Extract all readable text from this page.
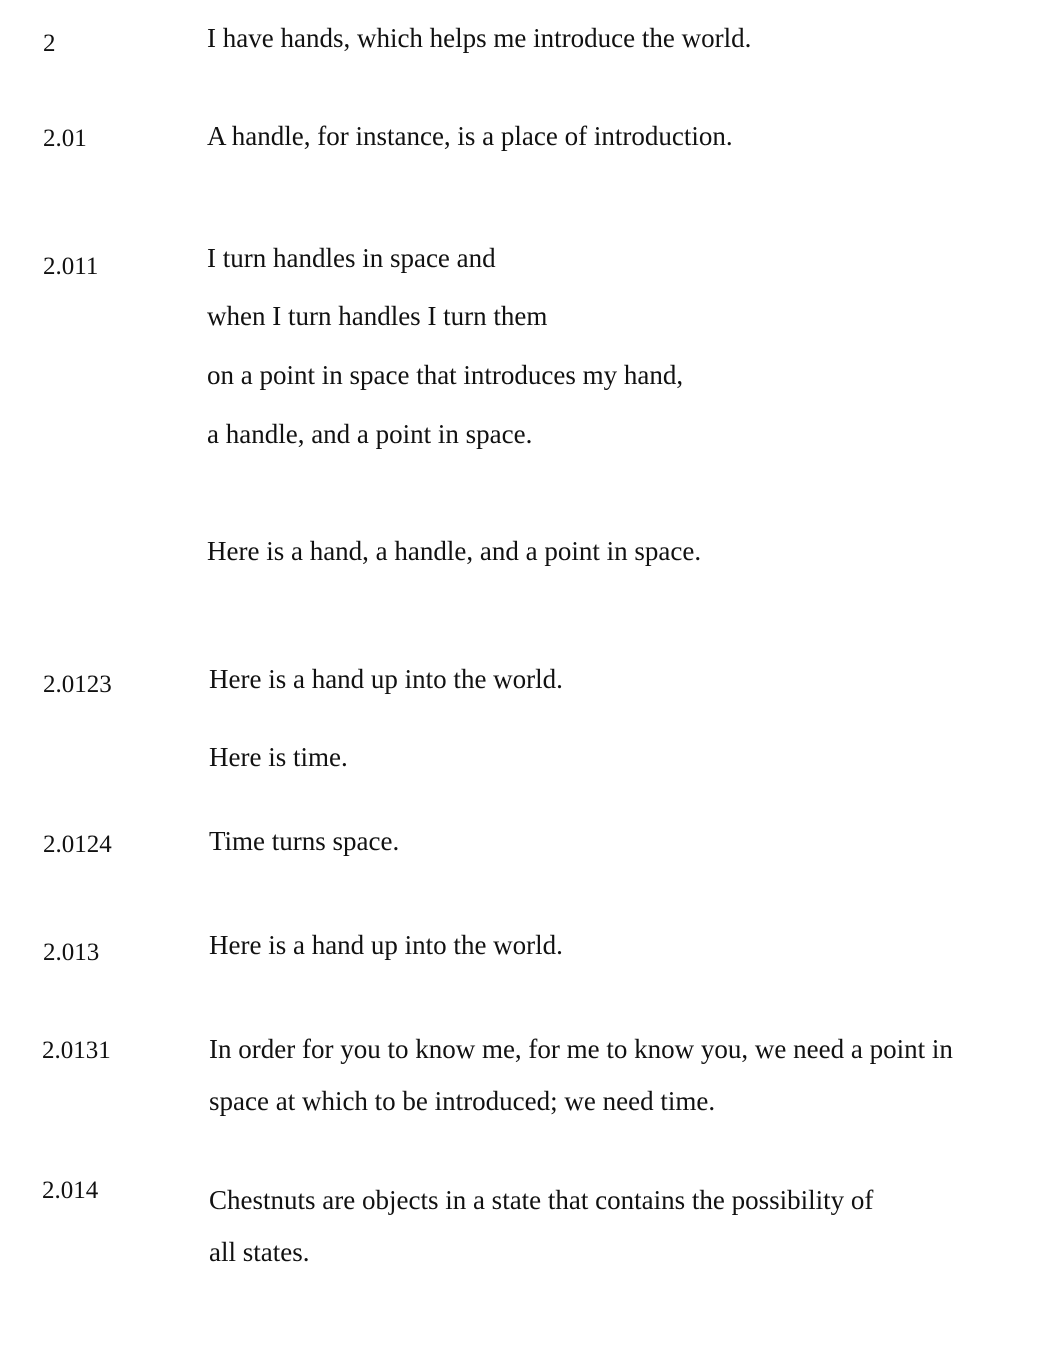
2	I have hands, which helps me introduce the world.
2.01	A handle, for instance, is a place of introduction.
2.011	I turn handles in space and
when I turn handles I turn them
on a point in space that introduces my hand,
a handle, and a point in space.
Here is a hand, a handle, and a point in space.
2.0123	Here is a hand up into the world.
Here is time.
2.0124	Time turns space.
2.013	Here is a hand up into the world.
2.0131	In order for you to know me, for me to know you, we need a point in
space at which to be introduced; we need time.
2.014	Chestnuts are objects in a state that contains the possibility of
all states.
